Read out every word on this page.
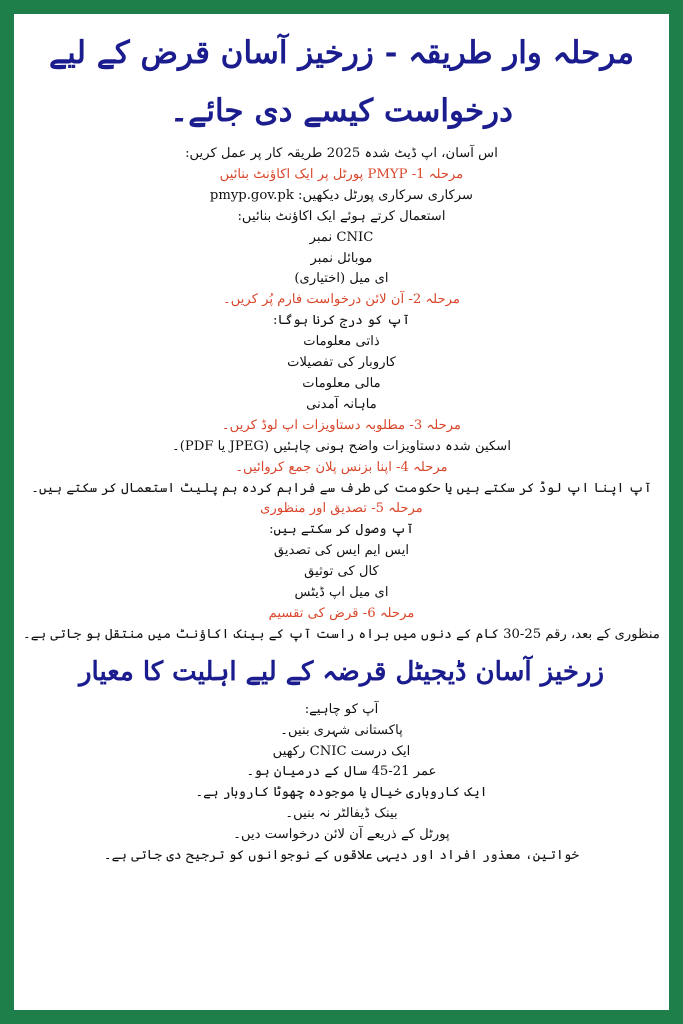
مرحلہ وار طریقہ - زرخیز آسان قرض کے لیے درخواست کیسے دی جائے۔
اس آسان، اپ ڈیٹ شدہ 2025 طریقہ کار پر عمل کریں:
مرحلہ 1- PMYP پورٹل پر ایک اکاؤنٹ بنائیں
سرکاری سرکاری پورٹل دیکھیں: pmyp.gov.pk
استعمال کرتے ہوئے ایک اکاؤنٹ بنائیں:
CNIC نمبر
موبائل نمبر
ای میل (اختیاری)
مرحلہ 2- آن لائن درخواست فارم پُر کریں۔
آپ کو درج کرنا ہوگا:
ذاتی معلومات
کاروبار کی تفصیلات
مالی معلومات
ماہانہ آمدنی
مرحلہ 3- مطلوبہ دستاویزات اپ لوڈ کریں۔
اسکین شدہ دستاویزات واضح ہونی چاہئیں (JPEG یا PDF)۔
مرحلہ 4- اپنا بزنس پلان جمع کروائیں۔
آپ اپنا اپ لوڈ کر سکتے ہیں یا حکومت کی طرف سے فراہم کردہ ہم پلیٹ استعمال کر سکتے ہیں۔
مرحلہ 5- تصدیق اور منظوری
آپ وصول کر سکتے ہیں:
ایس ایم ایس کی تصدیق
کال کی توثیق
ای میل اپ ڈیٹس
مرحلہ 6- قرض کی تقسیم
منظوری کے بعد، رقم 25-30 کام کے دنوں میں براہ راست آپ کے بینک اکاؤنٹ میں منتقل ہو جاتی ہے۔
زرخیز آسان ڈیجیٹل قرضہ کے لیے اہلیت کا معیار
آپ کو چاہیے:
پاکستانی شہری بنیں۔
ایک درست CNIC رکھیں
عمر 21-45 سال کے درمیان ہو۔
ایک کاروباری خیال یا موجودہ چھوٹا کاروبار ہے۔
بینک ڈیفالٹر نہ بنیں۔
پورٹل کے ذریعے آن لائن درخواست دیں۔
خواتین، معذور افراد اور دیہی علاقوں کے نوجوانوں کو ترجیح دی جاتی ہے۔
